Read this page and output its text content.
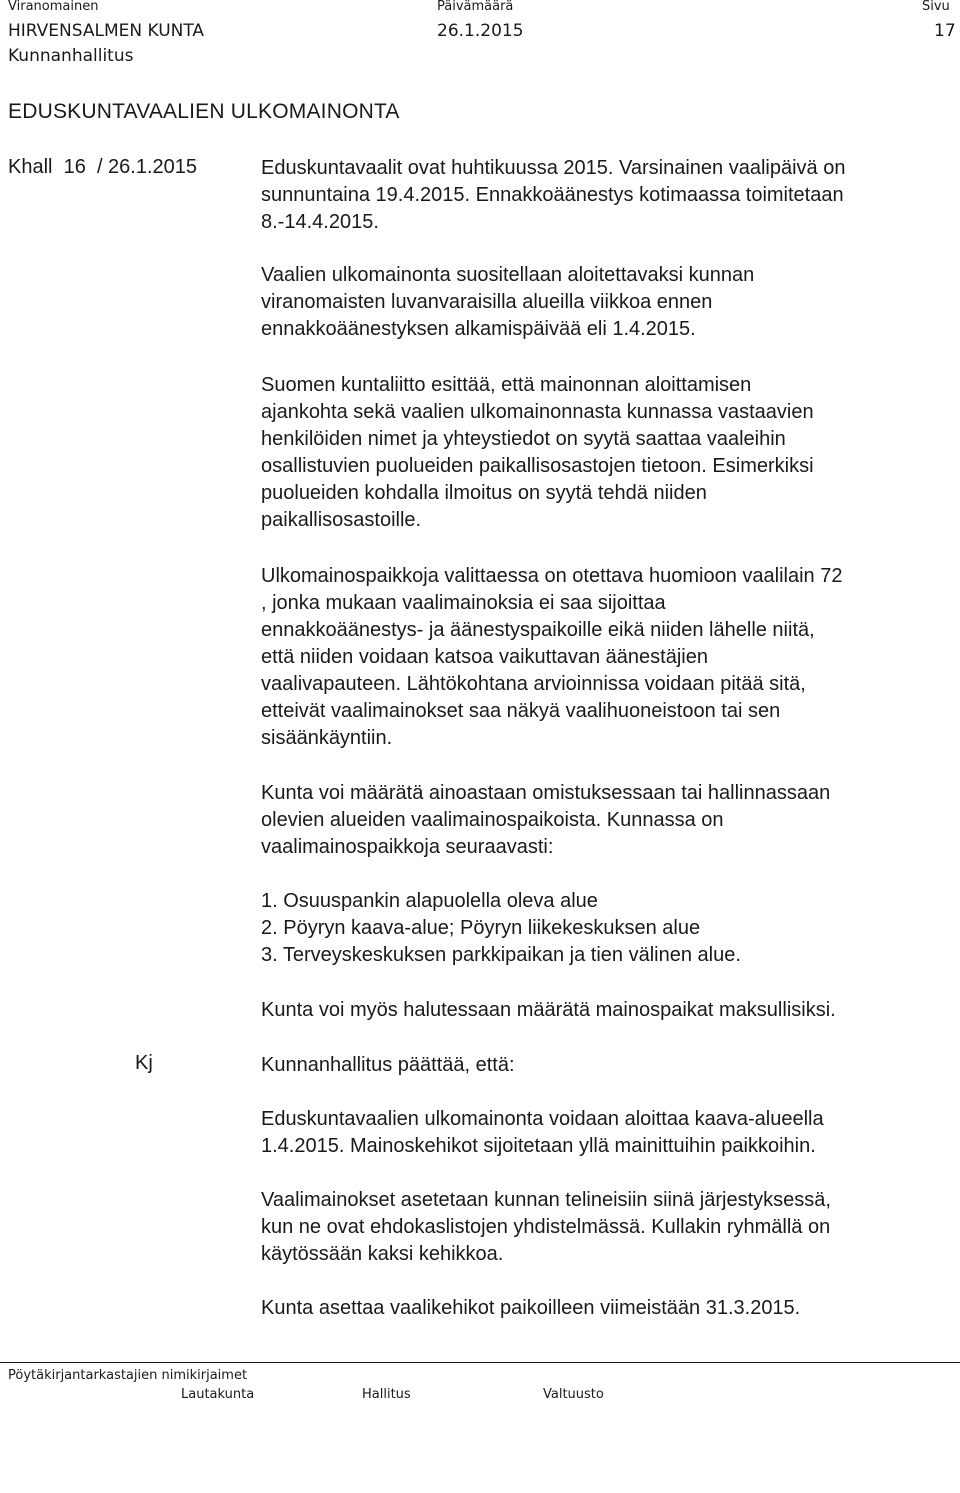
Viranomainen	Päivämäärä	Sivu
HIRVENSALMEN KUNTA	26.1.2015	17
Kunnanhallitus
EDUSKUNTAVAALIEN ULKOMAINONTA
Khall  16  / 26.1.2015	Eduskuntavaalit ovat huhtikuussa 2015. Varsinainen vaalipäivä on
sunnuntaina 19.4.2015. Ennakkoäänestys kotimaassa toimitetaan
8.-14.4.2015.

Vaalien ulkomainonta suositellaan aloitettavaksi kunnan
viranomaisten luvanvaraisilla alueilla viikkoa ennen
ennakkoäänestyksen alkamispäivää eli 1.4.2015.

Suomen kuntaliitto esittää, että mainonnan aloittamisen
ajankohta sekä vaalien ulkomainonnasta kunnassa vastaavien
henkilöiden nimet ja yhteystiedot on syytä saattaa vaaleihin
osallistuvien puolueiden paikallisosastojen tietoon. Esimerkiksi
puolueiden kohdalla ilmoitus on syytä tehdä niiden
paikallisosastoille.

Ulkomainospaikkoja valittaessa on otettava huomioon vaalilain 72
, jonka mukaan vaalimainoksia ei saa sijoittaa
ennakkoäänestys- ja äänestyspaikoille eikä niiden lähelle niitä,
että niiden voidaan katsoa vaikuttavan äänestäjien
vaalivapauteen. Lähtökohtana arvioinnissa voidaan pitää sitä,
etteivät vaalimainokset saa näkyä vaalihuoneistoon tai sen
sisäänkäyntiin.

Kunta voi määrätä ainoastaan omistuksessaan tai hallinnassaan
olevien alueiden vaalimainospaikoista. Kunnassa on
vaalimainospaikkoja seuraavasti:

1. Osuuspankin alapuolella oleva alue
2. Pöyryn kaava-alue; Pöyryn liikekeskuksen alue
3. Terveyskeskuksen parkkipaikan ja tien välinen alue.

Kunta voi myös halutessaan määrätä mainospaikat maksullisiksi.

Kj	Kunnanhallitus päättää, että:

Eduskuntavaalien ulkomainonta voidaan aloittaa kaava-alueella
1.4.2015. Mainoskehikot sijoitetaan yllä mainittuihin paikkoihin.

Vaalimainokset asetetaan kunnan telineisiin siinä järjestyksessä,
kun ne ovat ehdokaslistojen yhdistelmässä. Kullakin ryhmällä on
käytössään kaksi kehikkoa.

Kunta asettaa vaalikehikot paikoilleen viimeistään 31.3.2015.

Pöytäkirjantarkastajien nimikirjaimet
Lautakunta	Hallitus	Valtuusto
